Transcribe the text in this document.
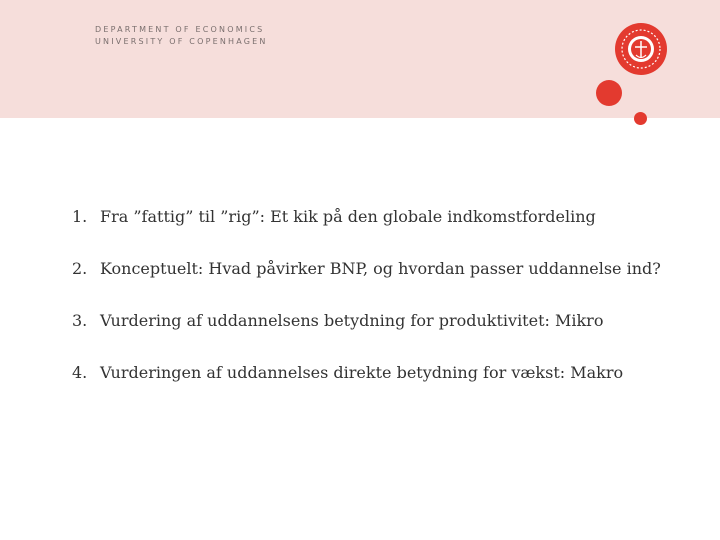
DEPARTMENT OF ECONOMICS
UNIVERSITY OF COPENHAGEN
1. Fra ”fattig” til ”rig”: Et kik på den globale indkomstfordeling
2. Konceptuelt: Hvad påvirker BNP, og hvordan passer uddannelse ind?
3. Vurdering af uddannelsens betydning for produktivitet: Mikro
4. Vurderingen af uddannelses direkte betydning for vækst: Makro
